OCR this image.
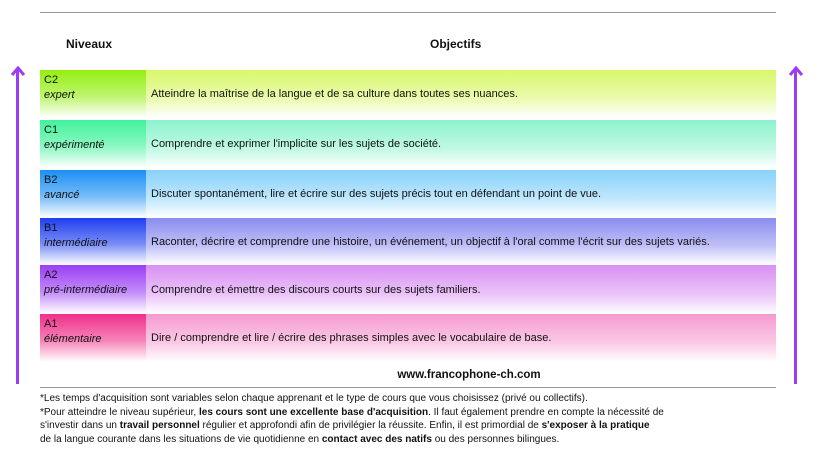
Niveaux	Objectifs
C2
expert	Atteindre la maîtrise de la langue et de sa culture dans toutes ses nuances.
C1
expérimenté	Comprendre et exprimer l'implicite sur les sujets de société.
B2
avancé	Discuter spontanément, lire et écrire sur des sujets précis tout en défendant un point de vue.
B1
intermédiaire	Raconter, décrire et comprendre une histoire, un événement, un objectif à l'oral comme l'écrit sur des sujets variés.
A2
pré-intermédiaire	Comprendre et émettre des discours courts sur des sujets familiers.
A1
élémentaire	Dire / comprendre et lire / écrire des phrases simples avec le vocabulaire de base.
www.francophone-ch.com
*Les temps d'acquisition sont variables selon chaque apprenant et le type de cours que vous choisissez (privé ou collectifs).
*Pour atteindre le niveau supérieur, les cours sont une excellente base d'acquisition. Il faut également prendre en compte la nécessité de
s'investir dans un travail personnel régulier et approfondi afin de privilégier la réussite. Enfin, il est primordial de s'exposer à la pratique
de la langue courante dans les situations de vie quotidienne en contact avec des natifs ou des personnes bilingues.
